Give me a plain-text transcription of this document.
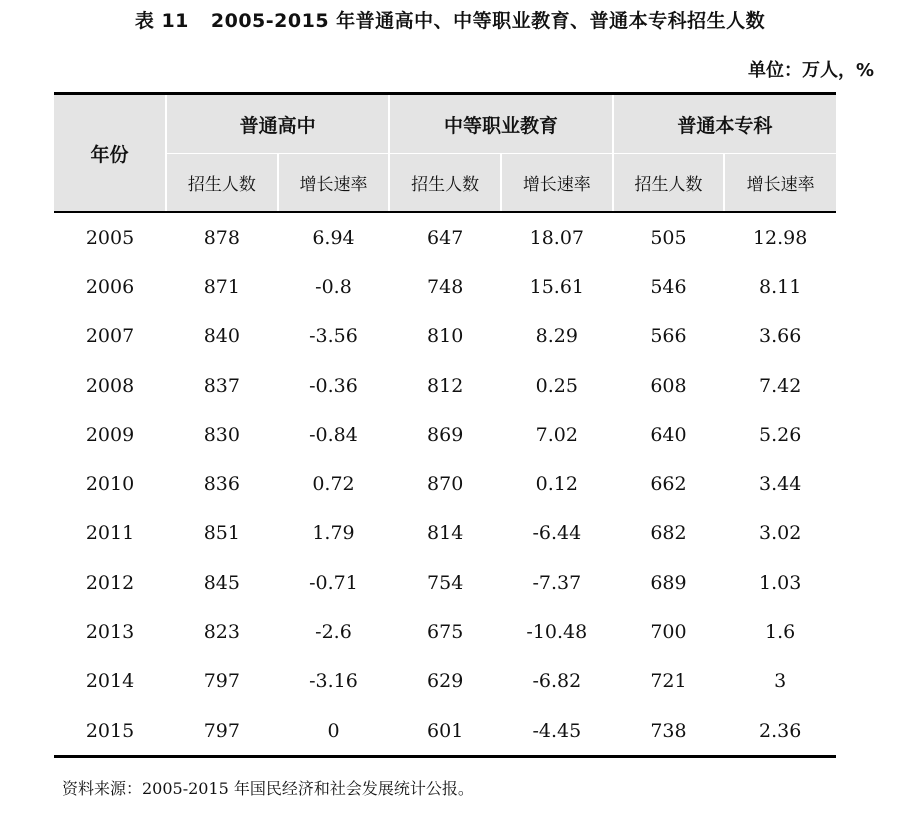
表 11 2005-2015 年普通高中、中等职业教育、普通本专科招生人数
单位：万人，%
年份	普通高中		中等职业教育		普通本专科	
	招生人数	增长速率	招生人数	增长速率	招生人数	增长速率
2005	878	6.94	647	18.07	505	12.98
2006	871	-0.8	748	15.61	546	8.11
2007	840	-3.56	810	8.29	566	3.66
2008	837	-0.36	812	0.25	608	7.42
2009	830	-0.84	869	7.02	640	5.26
2010	836	0.72	870	0.12	662	3.44
2011	851	1.79	814	-6.44	682	3.02
2012	845	-0.71	754	-7.37	689	1.03
2013	823	-2.6	675	-10.48	700	1.6
2014	797	-3.16	629	-6.82	721	3
2015	797	0	601	-4.45	738	2.36
资料来源：2005-2015 年国民经济和社会发展统计公报。
